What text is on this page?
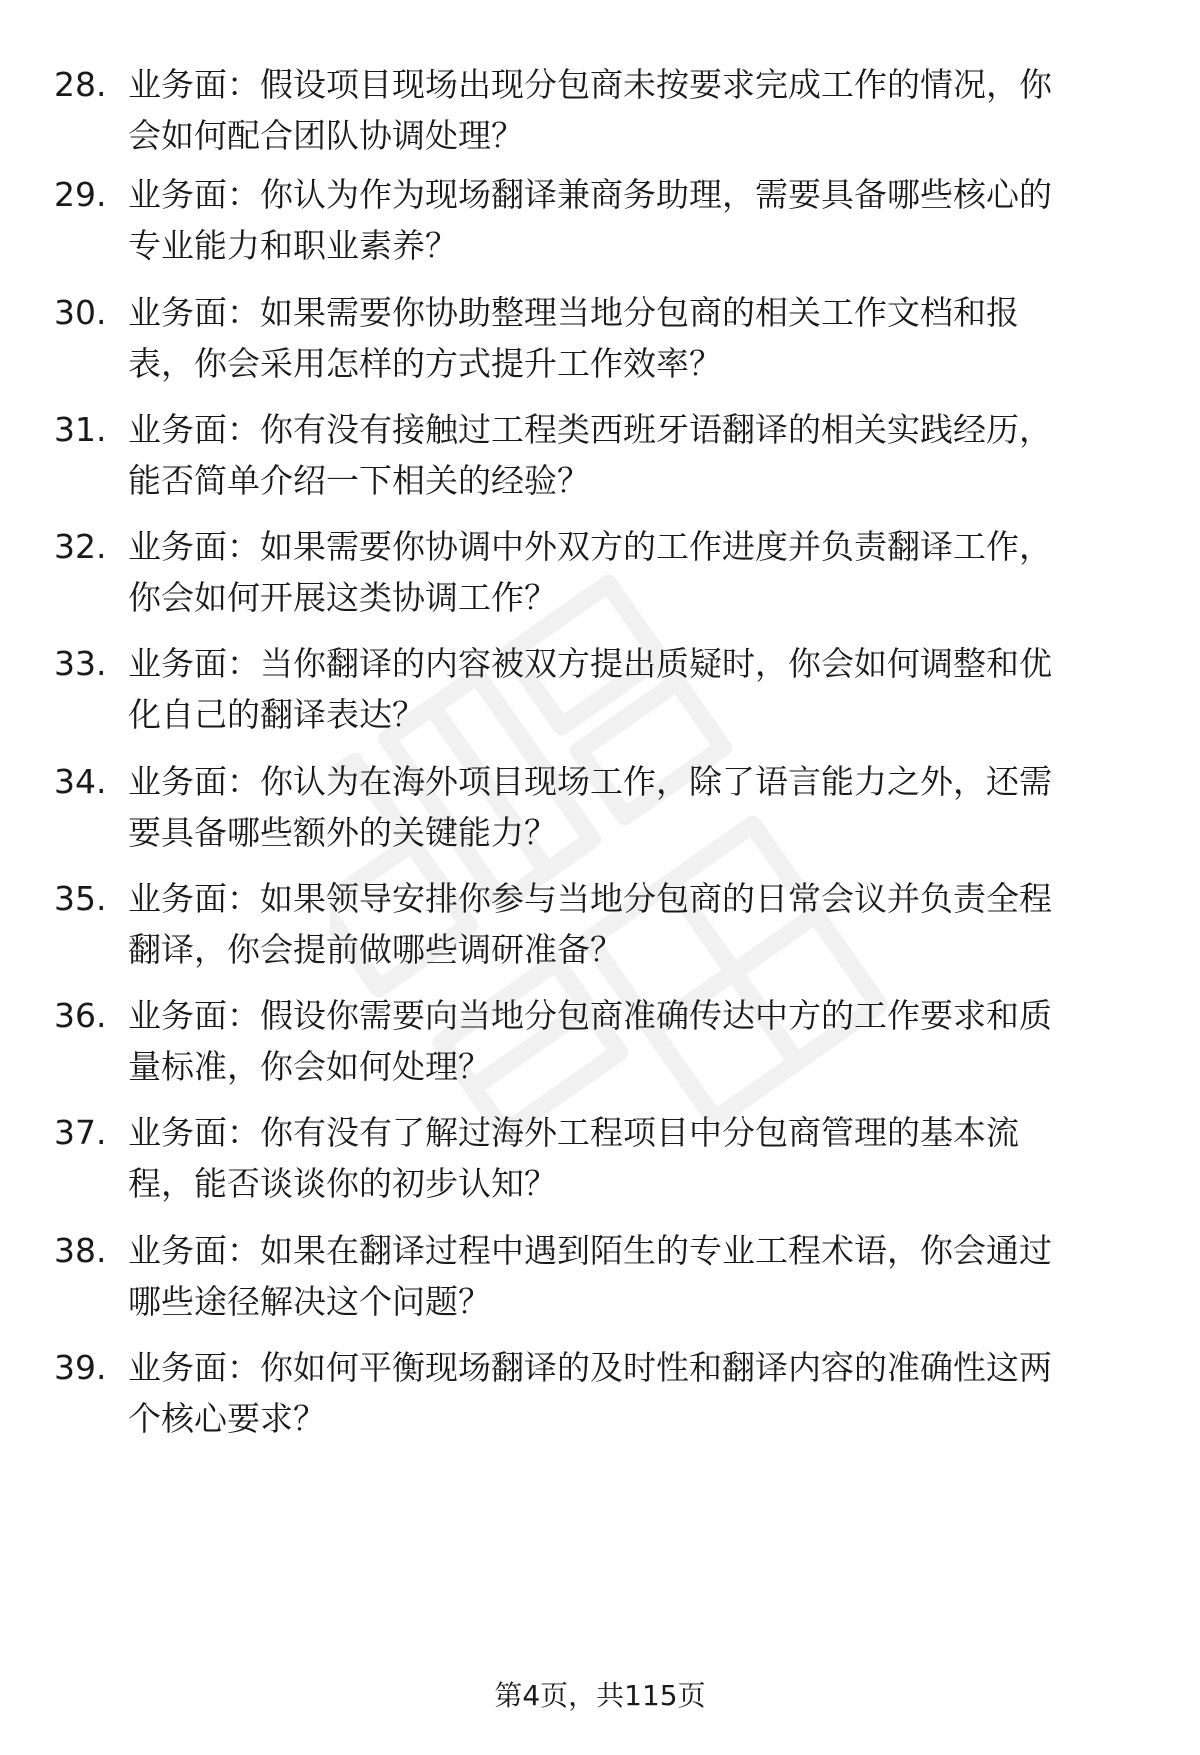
28. 业务面：假设项目现场出现分包商未按要求完成工作的情况，你
会如何配合团队协调处理？
29. 业务面：你认为作为现场翻译兼商务助理，需要具备哪些核心的
专业能力和职业素养？
30. 业务面：如果需要你协助整理当地分包商的相关工作文档和报
表，你会采用怎样的方式提升工作效率？
31. 业务面：你有没有接触过工程类西班牙语翻译的相关实践经历，
能否简单介绍一下相关的经验？
32. 业务面：如果需要你协调中外双方的工作进度并负责翻译工作，
你会如何开展这类协调工作？
33. 业务面：当你翻译的内容被双方提出质疑时，你会如何调整和优
化自己的翻译表达？
34. 业务面：你认为在海外项目现场工作，除了语言能力之外，还需
要具备哪些额外的关键能力？
35. 业务面：如果领导安排你参与当地分包商的日常会议并负责全程
翻译，你会提前做哪些调研准备？
36. 业务面：假设你需要向当地分包商准确传达中方的工作要求和质
量标准，你会如何处理？
37. 业务面：你有没有了解过海外工程项目中分包商管理的基本流
程，能否谈谈你的初步认知？
38. 业务面：如果在翻译过程中遇到陌生的专业工程术语，你会通过
哪些途径解决这个问题？
39. 业务面：你如何平衡现场翻译的及时性和翻译内容的准确性这两
个核心要求？
第4页，共115页
